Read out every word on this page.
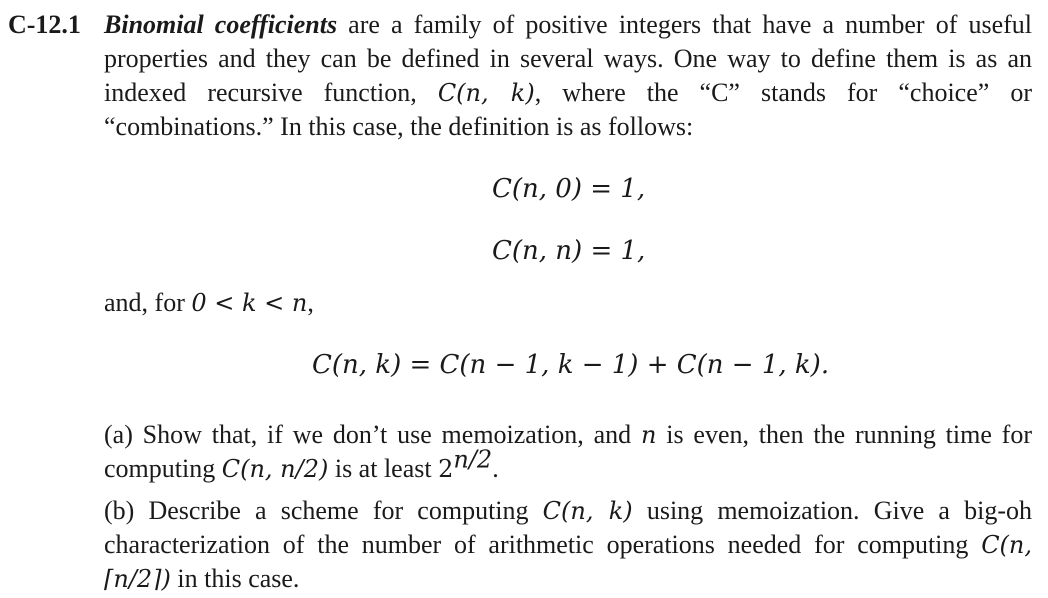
C-12.1 Binomial coefficients are a family of positive integers that have a number of useful properties and they can be defined in several ways. One way to define them is as an indexed recursive function, C(n, k), where the “C” stands for “choice” or “combinations.” In this case, the definition is as follows:
C(n, 0) = 1,
C(n, n) = 1,
and, for 0 < k < n,
C(n, k) = C(n − 1, k − 1) + C(n − 1, k).
(a) Show that, if we don’t use memoization, and n is even, then the running time for computing C(n, n/2) is at least $2^{n/2}$.
(b) Describe a scheme for computing C(n, k) using memoization. Give a big-oh characterization of the number of arithmetic operations needed for computing C(n, ⌈n/2⌉) in this case.
